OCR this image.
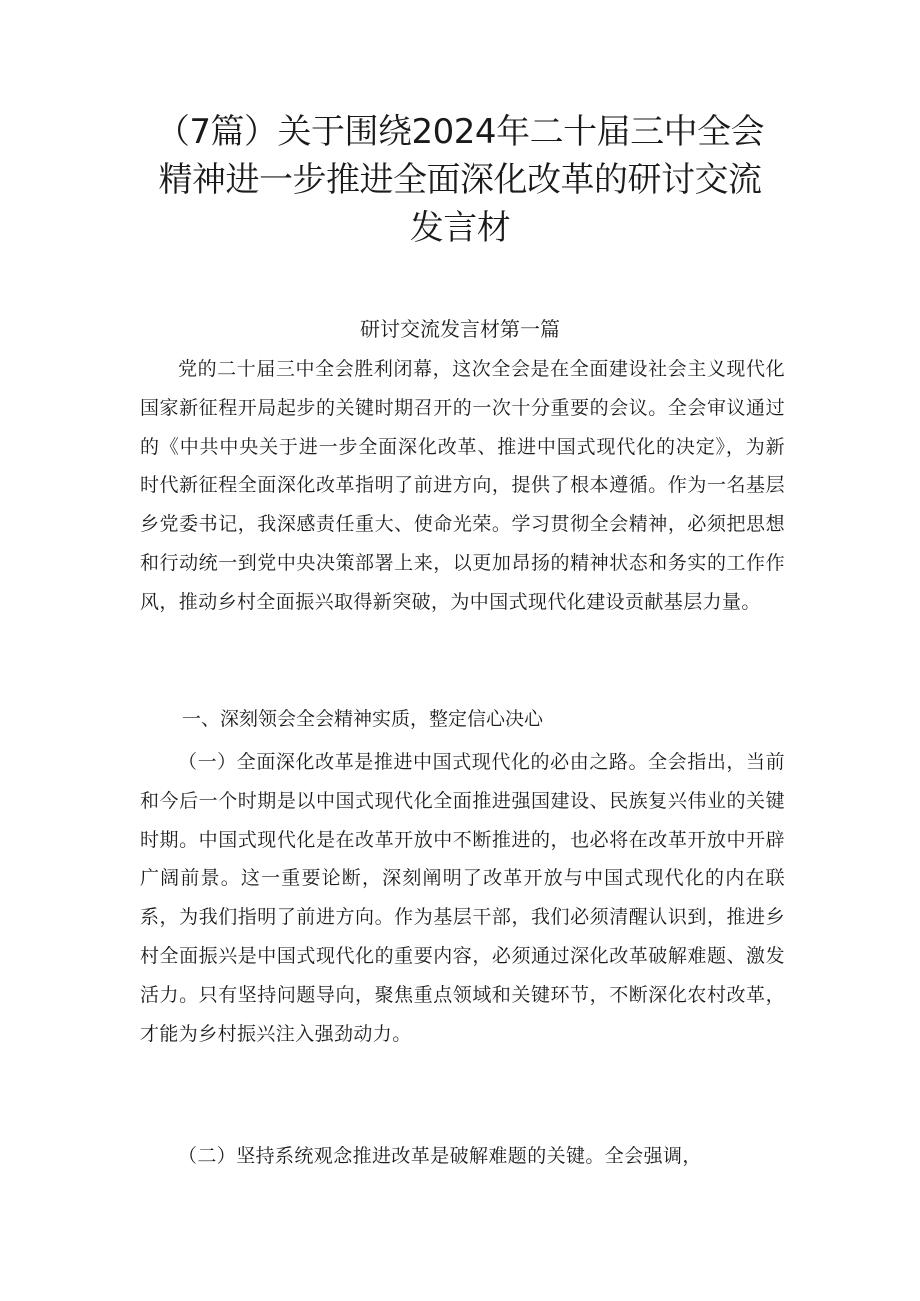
（7篇）关于围绕2024年二十届三中全会
精神进一步推进全面深化改革的研讨交流
发言材
研讨交流发言材第一篇

党的二十届三中全会胜利闭幕，这次全会是在全面建设社会主义现代化国家新征程开局起步的关键时期召开的一次十分重要的会议。全会审议通过的《中共中央关于进一步全面深化改革、推进中国式现代化的决定》，为新时代新征程全面深化改革指明了前进方向，提供了根本遵循。作为一名基层乡党委书记，我深感责任重大、使命光荣。学习贯彻全会精神，必须把思想和行动统一到党中央决策部署上来，以更加昂扬的精神状态和务实的工作作风，推动乡村全面振兴取得新突破，为中国式现代化建设贡献基层力量。

一、深刻领会全会精神实质，整定信心决心

（一）全面深化改革是推进中国式现代化的必由之路。全会指出，当前和今后一个时期是以中国式现代化全面推进强国建设、民族复兴伟业的关键时期。中国式现代化是在改革开放中不断推进的，也必将在改革开放中开辟广阔前景。这一重要论断，深刻阐明了改革开放与中国式现代化的内在联系，为我们指明了前进方向。作为基层干部，我们必须清醒认识到，推进乡村全面振兴是中国式现代化的重要内容，必须通过深化改革破解难题、激发活力。只有坚持问题导向，聚焦重点领域和关键环节，不断深化农村改革，才能为乡村振兴注入强劲动力。

（二）坚持系统观念推进改革是破解难题的关键。全会强调，
